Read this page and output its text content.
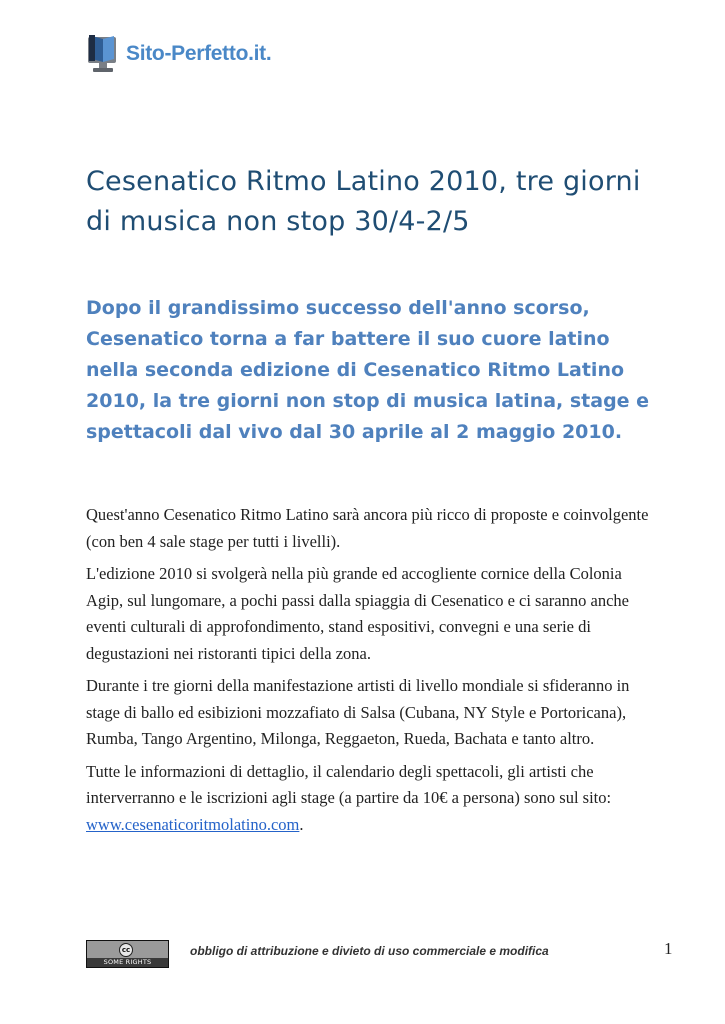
Sito-Perfetto.it.
Cesenatico Ritmo Latino 2010, tre giorni di musica non stop 30/4-2/5

Dopo il grandissimo successo dell'anno scorso, Cesenatico torna a far battere il suo cuore latino nella seconda edizione di Cesenatico Ritmo Latino 2010, la tre giorni non stop di musica latina, stage e spettacoli dal vivo dal 30 aprile al 2 maggio 2010.

Quest'anno Cesenatico Ritmo Latino sarà ancora più ricco di proposte e coinvolgente (con ben 4 sale stage per tutti i livelli).

L'edizione 2010 si svolgerà nella più grande ed accogliente cornice della Colonia Agip, sul lungomare, a pochi passi dalla spiaggia di Cesenatico e ci saranno anche eventi culturali di approfondimento, stand espositivi, convegni e una serie di degustazioni nei ristoranti tipici della zona.

Durante i tre giorni della manifestazione artisti di livello mondiale si sfideranno in stage di ballo ed esibizioni mozzafiato di Salsa (Cubana, NY Style e Portoricana), Rumba, Tango Argentino, Milonga, Reggaeton, Rueda, Bachata e tanto altro.

Tutte le informazioni di dettaglio, il calendario degli spettacoli, gli artisti che interverranno e le iscrizioni agli stage (a partire da 10€ a persona) sono sul sito: www.cesenaticoritmolatino.com.

cc
SOME RIGHTS RESERVED
obbligo di attribuzione e divieto di uso commerciale e modifica	1
